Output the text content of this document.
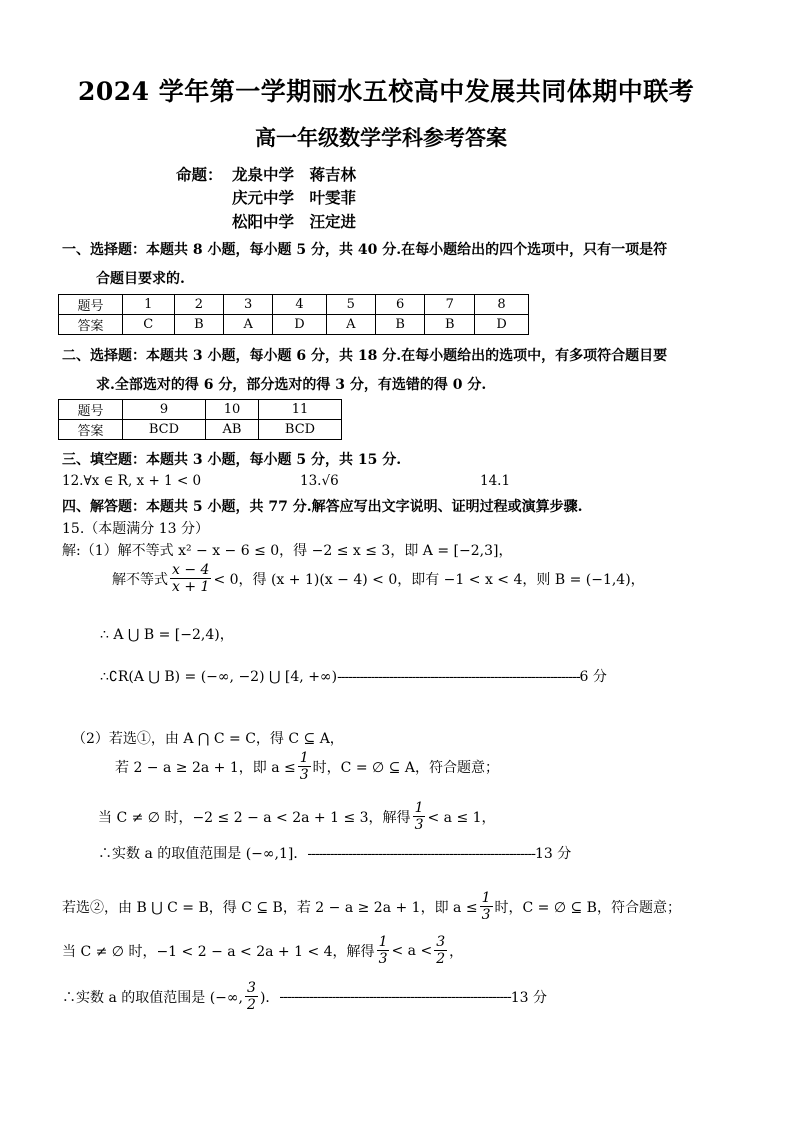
2024 学年第一学期丽水五校高中发展共同体期中联考
高一年级数学学科参考答案
命题： 龙泉中学　蒋吉林
庆元中学　叶雯菲
松阳中学　汪定进
一、选择题：本题共 8 小题，每小题 5 分，共 40 分.在每小题给出的四个选项中，只有一项是符
合题目要求的.
题号	1	2	3	4	5	6	7	8
答案	C	B	A	D	A	B	B	D
二、选择题：本题共 3 小题，每小题 6 分，共 18 分.在每小题给出的选项中，有多项符合题目要
求.全部选对的得 6 分，部分选对的得 3 分，有选错的得 0 分.
题号	9	10	11
答案	BCD	AB	BCD
三、填空题：本题共 3 小题，每小题 5 分，共 15 分.
12.∀x ∈ R, x + 1 < 0	13.√6	14.1
四、解答题：本题共 5 小题，共 77 分.解答应写出文字说明、证明过程或演算步骤.
15.（本题满分 13 分）
解:（1）解不等式 x² − x − 6 ≤ 0，得 −2 ≤ x ≤ 3，即 A = [−2,3]，
解不等式 $\frac{x - 4}{x + 1} < 0$，得 (x + 1)(x − 4) < 0，即有 −1 < x < 4，则 B = (−1,4)，
∴ A ⋃ B = [−2,4)，
∴∁R(A ⋃ B) = (−∞, −2) ⋃ [4, +∞)-----------------------------------------------------------------6 分
（2）若选①，由 A ⋂ C = C，得 C ⊆ A，
若 2 − a ≥ 2a + 1，即 $a \le \frac{1}{3}$ 时，C = ∅ ⊆ A，符合题意；
当 C ≠ ∅ 时，−2 ≤ 2 − a < 2a + 1 ≤ 3，解得 $\frac{1}{3} < a \le 1$，
∴实数 a 的取值范围是 (−∞,1]．-------------------------------------------------------------13 分
若选②，由 B ⋃ C = B，得 C ⊆ B，若 2 − a ≥ 2a + 1，即 $a \le \frac{1}{3}$ 时，C = ∅ ⊆ B，符合题意；
当 C ≠ ∅ 时，−1 < 2 − a < 2a + 1 < 4，解得 $\frac{1}{3} < a < \frac{3}{2}$ ，
∴实数 a 的取值范围是 (−∞, $\frac{3}{2}$ )． -------------------------------------------------------------- 13 分
